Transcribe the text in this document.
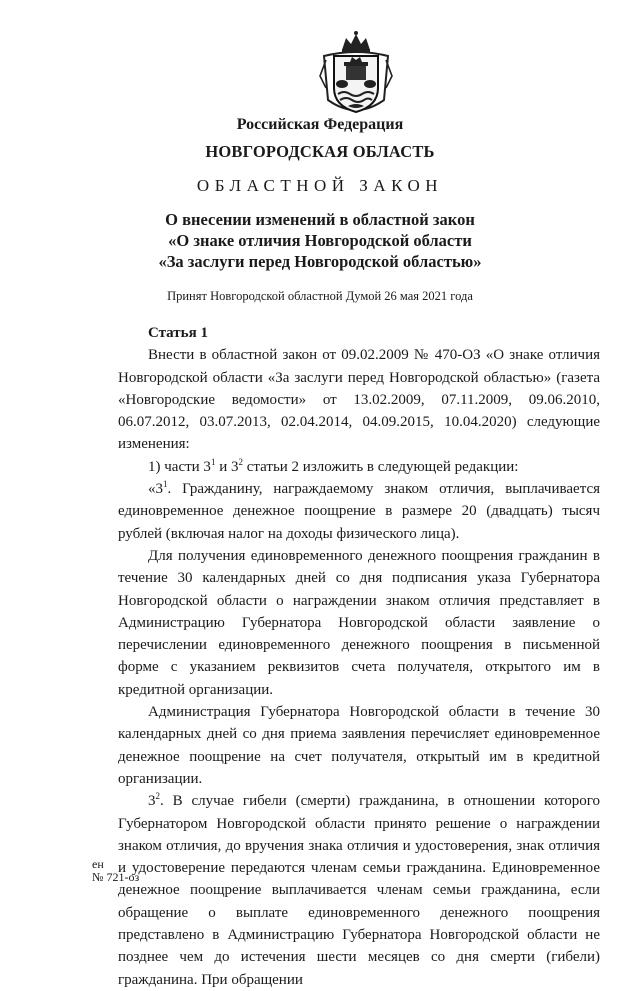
Российская Федерация
НОВГОРОДСКАЯ ОБЛАСТЬ
ОБЛАСТНОЙ ЗАКОН
О внесении изменений в областной закон
«О знаке отличия Новгородской области
«За заслуги перед Новгородской областью»
Принят Новгородской областной Думой 26 мая 2021 года

Статья 1

Внести в областной закон от 09.02.2009 № 470-ОЗ «О знаке отличия Новгородской области «За заслуги перед Новгородской областью» (газета «Новгородские ведомости» от 13.02.2009, 07.11.2009, 09.06.2010, 06.07.2012, 03.07.2013, 02.04.2014, 04.09.2015, 10.04.2020) следующие изменения:

1) части $3^1$ и $3^2$ статьи 2 изложить в следующей редакции:

«$3^1$. Гражданину, награждаемому знаком отличия, выплачивается единовременное денежное поощрение в размере 20 (двадцать) тысяч рублей (включая налог на доходы физического лица).

Для получения единовременного денежного поощрения гражданин в течение 30 календарных дней со дня подписания указа Губернатора Новгородской области о награждении знаком отличия представляет в Администрацию Губернатора Новгородской области заявление о перечислении единовременного денежного поощрения в письменной форме с указанием реквизитов счета получателя, открытого им в кредитной организации.

Администрация Губернатора Новгородской области в течение 30 календарных дней со дня приема заявления перечисляет единовременное денежное поощрение на счет получателя, открытый им в кредитной организации.

$3^2$. В случае гибели (смерти) гражданина, в отношении которого Губернатором Новгородской области принято решение о награждении знаком отличия, до вручения знака отличия и удостоверения, знак отличия и удостоверение передаются членам семьи гражданина. Единовременное денежное поощрение выплачивается членам семьи гражданина, если обращение о выплате единовременного денежного поощрения представлено в Администрацию Губернатора Новгородской области не позднее чем до истечения шести месяцев со дня смерти (гибели) гражданина. При обращении

ен
№ 721-оз
